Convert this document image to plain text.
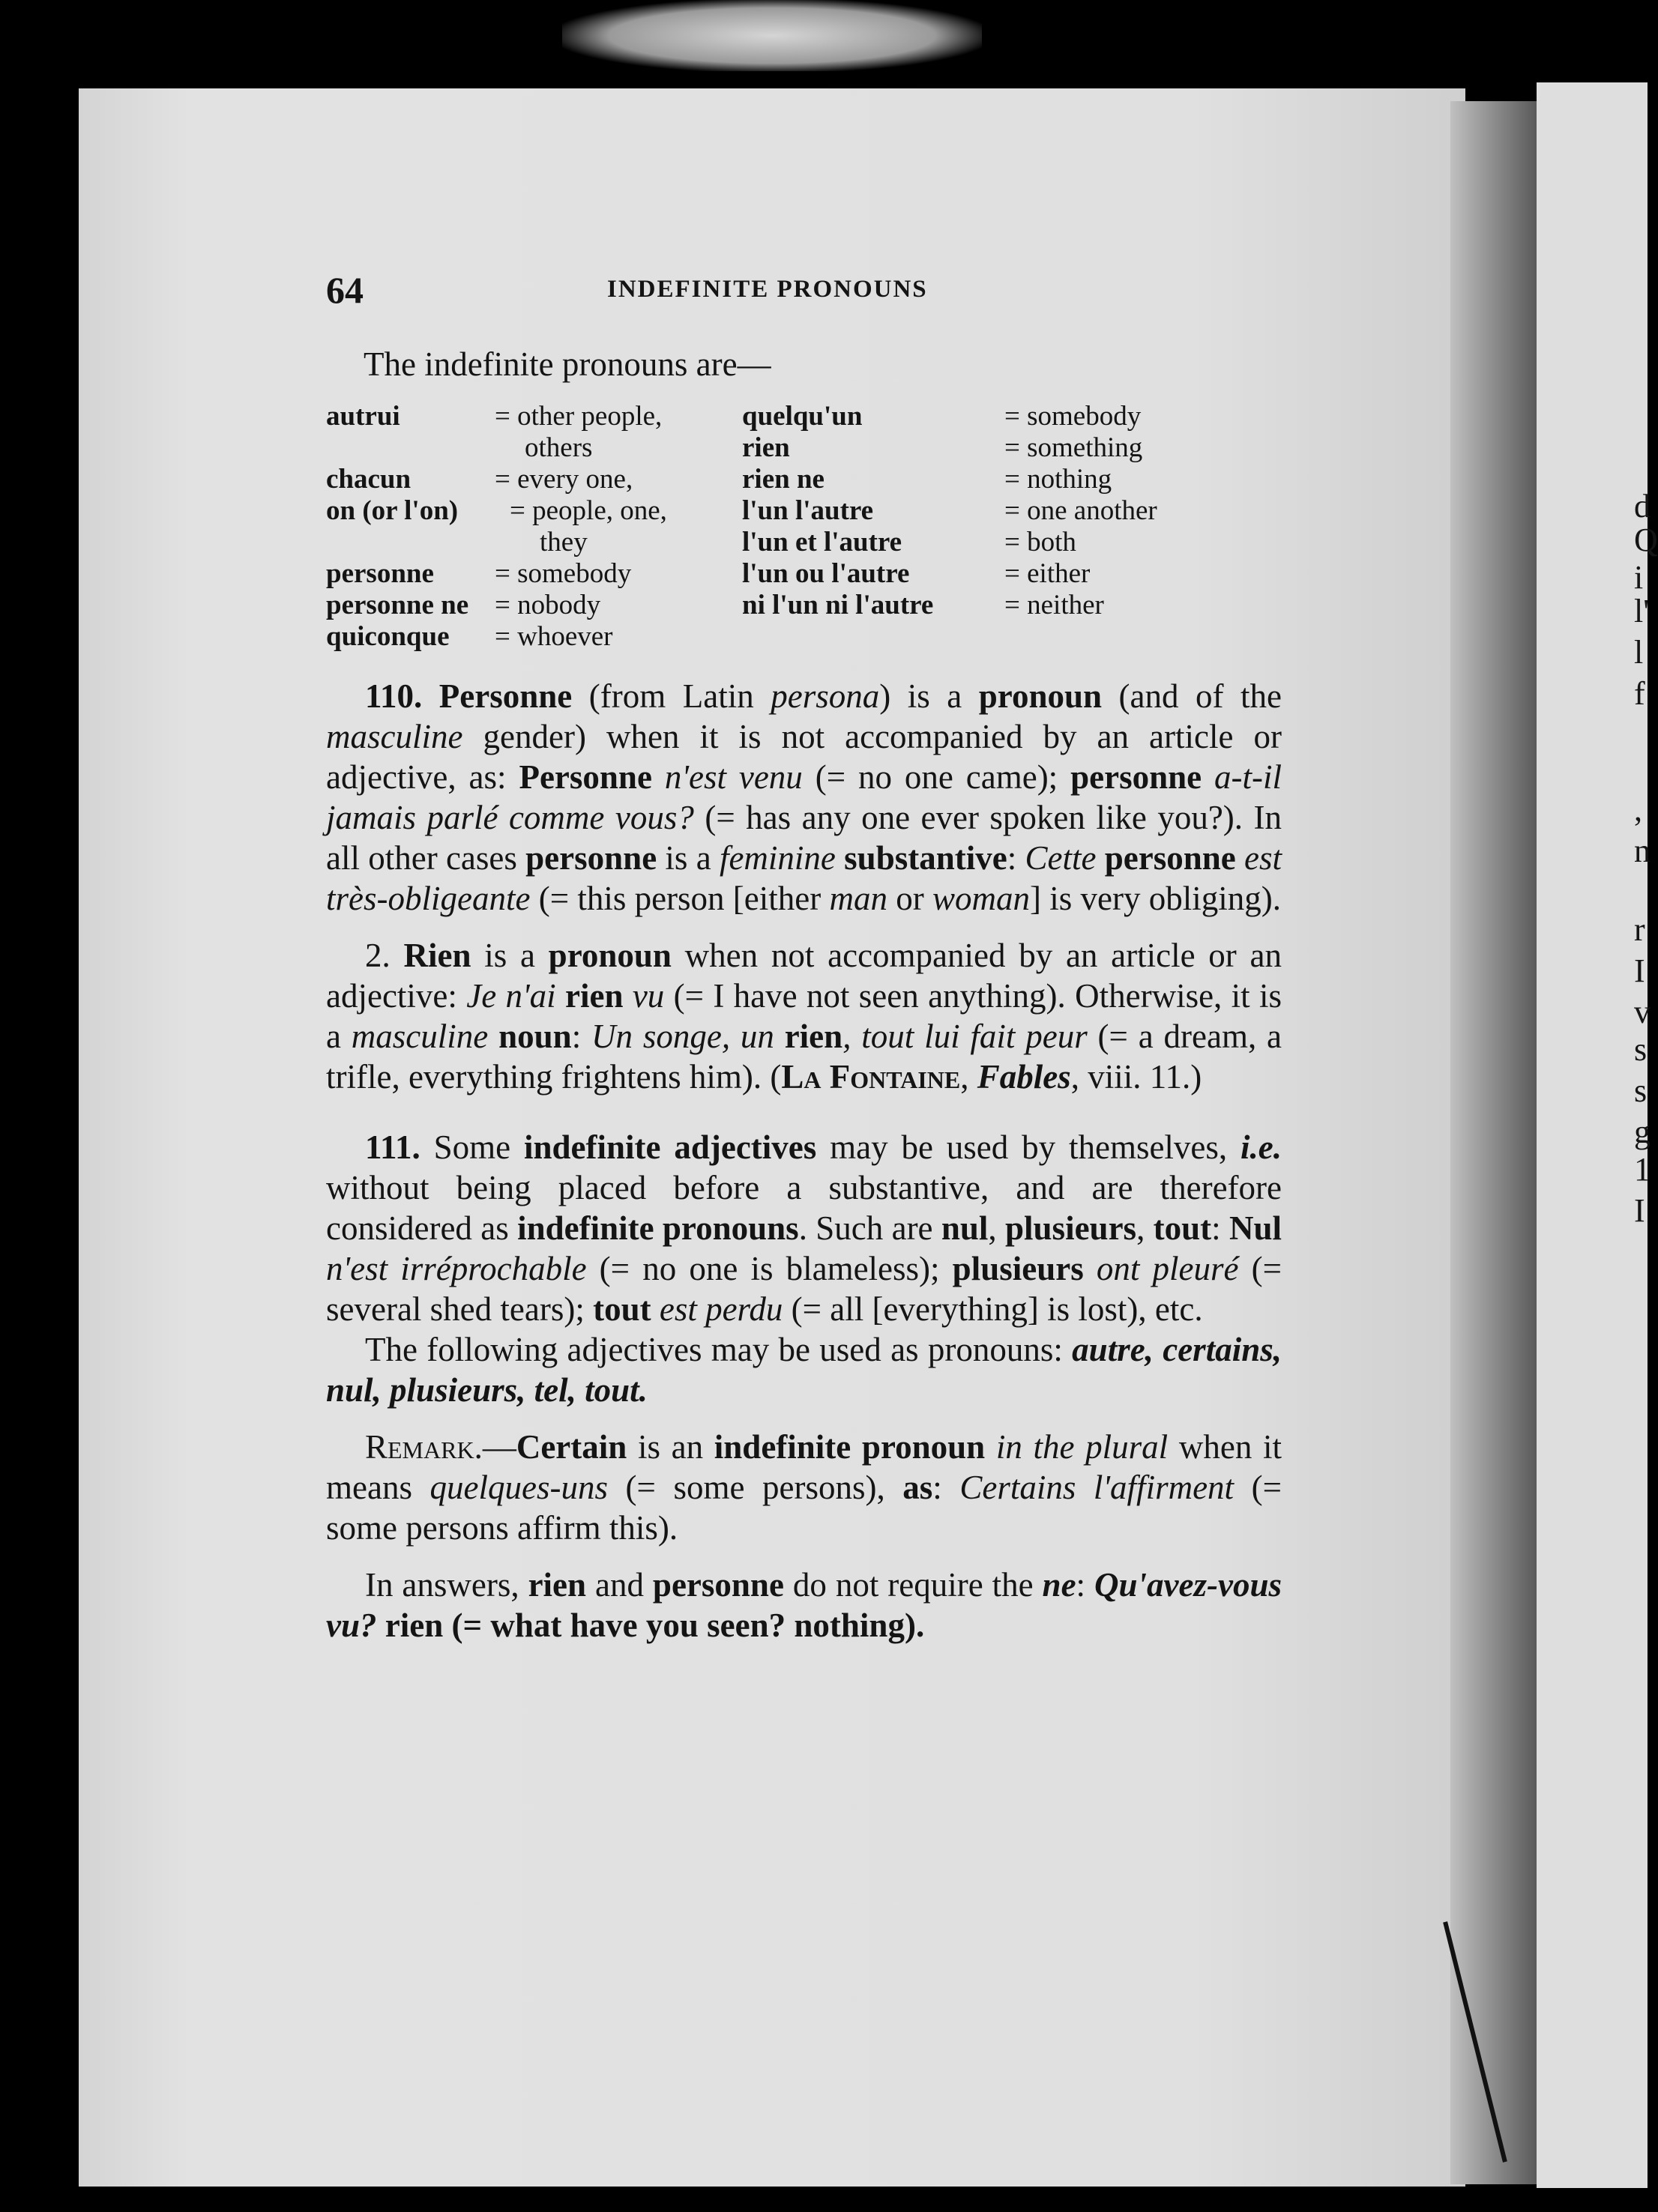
d
Q
i
l'
l
f
,
n
r
I
v
s
s
g
1
I
64	INDEFINITE PRONOUNS
The indefinite pronouns are—
autrui
chacun
on (or l'on)
personne
personne ne
quiconque
= other people,
others
= every one,
= people, one,
they
= somebody
= nobody
= whoever
quelqu'un
rien
rien ne
l'un l'autre
l'un et l'autre
l'un ou l'autre
ni l'un ni l'autre
= somebody
= something
= nothing
= one another
= both
= either
= neither

110. Personne (from Latin persona) is a pronoun (and of the masculine gender) when it is not accompanied by an article or adjective, as: Personne n'est venu (= no one came); personne a-t-il jamais parlé comme vous? (= has any one ever spoken like you?). In all other cases personne is a feminine substantive: Cette personne est très-obligeante (= this person [either man or woman] is very obliging).

2. Rien is a pronoun when not accompanied by an article or an adjective: Je n'ai rien vu (= I have not seen anything). Otherwise, it is a masculine noun: Un songe, un rien, tout lui fait peur (= a dream, a trifle, everything frightens him). (La Fontaine, Fables, viii. 11.)

111. Some indefinite adjectives may be used by themselves, i.e. without being placed before a substantive, and are therefore considered as indefinite pronouns. Such are nul, plusieurs, tout: Nul n'est irréprochable (= no one is blameless); plusieurs ont pleuré (= several shed tears); tout est perdu (= all [everything] is lost), etc.

The following adjectives may be used as pronouns: autre, certains, nul, plusieurs, tel, tout.

Remark.—Certain is an indefinite pronoun in the plural when it means quelques-uns (= some persons), as: Certains l'affirment (= some persons affirm this).

In answers, rien and personne do not require the ne: Qu'avez-vous vu? rien (= what have you seen? nothing).
